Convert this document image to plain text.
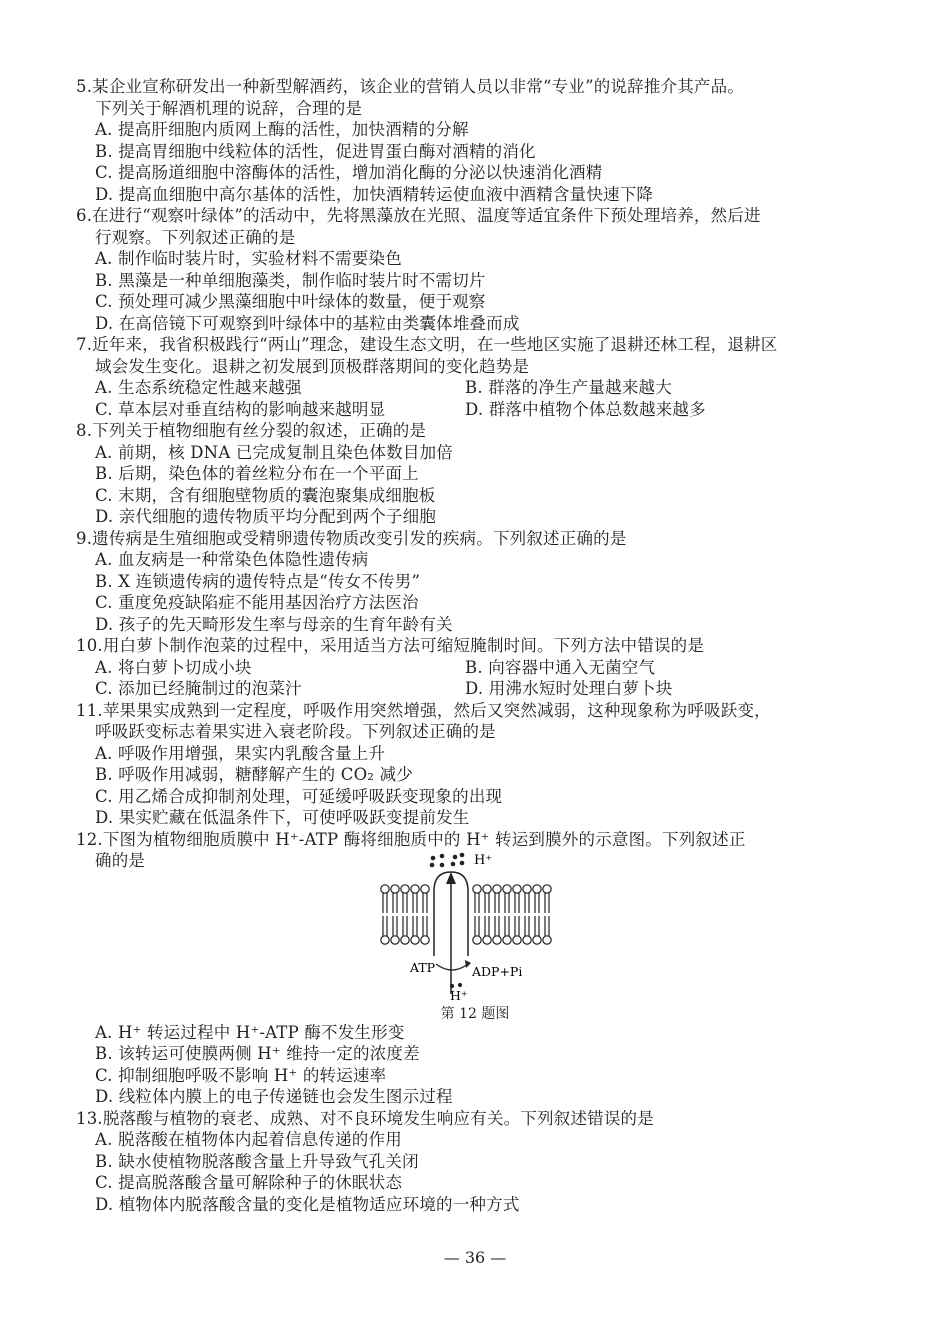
5.某企业宣称研发出一种新型解酒药，该企业的营销人员以非常“专业”的说辞推介其产品。
下列关于解酒机理的说辞，合理的是
A. 提高肝细胞内质网上酶的活性，加快酒精的分解
B. 提高胃细胞中线粒体的活性，促进胃蛋白酶对酒精的消化
C. 提高肠道细胞中溶酶体的活性，增加消化酶的分泌以快速消化酒精
D. 提高血细胞中高尔基体的活性，加快酒精转运使血液中酒精含量快速下降
6.在进行“观察叶绿体”的活动中，先将黑藻放在光照、温度等适宜条件下预处理培养，然后进
行观察。下列叙述正确的是
A. 制作临时装片时，实验材料不需要染色
B. 黑藻是一种单细胞藻类，制作临时装片时不需切片
C. 预处理可减少黑藻细胞中叶绿体的数量，便于观察
D. 在高倍镜下可观察到叶绿体中的基粒由类囊体堆叠而成
7.近年来，我省积极践行“两山”理念，建设生态文明，在一些地区实施了退耕还林工程，退耕区
域会发生变化。退耕之初发展到顶极群落期间的变化趋势是
A. 生态系统稳定性越来越强	B. 群落的净生产量越来越大
C. 草本层对垂直结构的影响越来越明显	D. 群落中植物个体总数越来越多
8.下列关于植物细胞有丝分裂的叙述，正确的是
A. 前期，核 DNA 已完成复制且染色体数目加倍
B. 后期，染色体的着丝粒分布在一个平面上
C. 末期，含有细胞壁物质的囊泡聚集成细胞板
D. 亲代细胞的遗传物质平均分配到两个子细胞
9.遗传病是生殖细胞或受精卵遗传物质改变引发的疾病。下列叙述正确的是
A. 血友病是一种常染色体隐性遗传病
B. X 连锁遗传病的遗传特点是“传女不传男”
C. 重度免疫缺陷症不能用基因治疗方法医治
D. 孩子的先天畸形发生率与母亲的生育年龄有关
10.用白萝卜制作泡菜的过程中，采用适当方法可缩短腌制时间。下列方法中错误的是
A. 将白萝卜切成小块	B. 向容器中通入无菌空气
C. 添加已经腌制过的泡菜汁	D. 用沸水短时处理白萝卜块
11.苹果果实成熟到一定程度，呼吸作用突然增强，然后又突然减弱，这种现象称为呼吸跃变，
呼吸跃变标志着果实进入衰老阶段。下列叙述正确的是
A. 呼吸作用增强，果实内乳酸含量上升
B. 呼吸作用减弱，糖酵解产生的 CO₂ 减少
C. 用乙烯合成抑制剂处理，可延缓呼吸跃变现象的出现
D. 果实贮藏在低温条件下，可使呼吸跃变提前发生
12.下图为植物细胞质膜中 H⁺-ATP 酶将细胞质中的 H⁺ 转运到膜外的示意图。下列叙述正
确的是	H⁺
ATP	ADP+Pi
H⁺
第 12 题图
A. H⁺ 转运过程中 H⁺-ATP 酶不发生形变
B. 该转运可使膜两侧 H⁺ 维持一定的浓度差
C. 抑制细胞呼吸不影响 H⁺ 的转运速率
D. 线粒体内膜上的电子传递链也会发生图示过程
13.脱落酸与植物的衰老、成熟、对不良环境发生响应有关。下列叙述错误的是
A. 脱落酸在植物体内起着信息传递的作用
B. 缺水使植物脱落酸含量上升导致气孔关闭
C. 提高脱落酸含量可解除种子的休眠状态
D. 植物体内脱落酸含量的变化是植物适应环境的一种方式
— 36 —
